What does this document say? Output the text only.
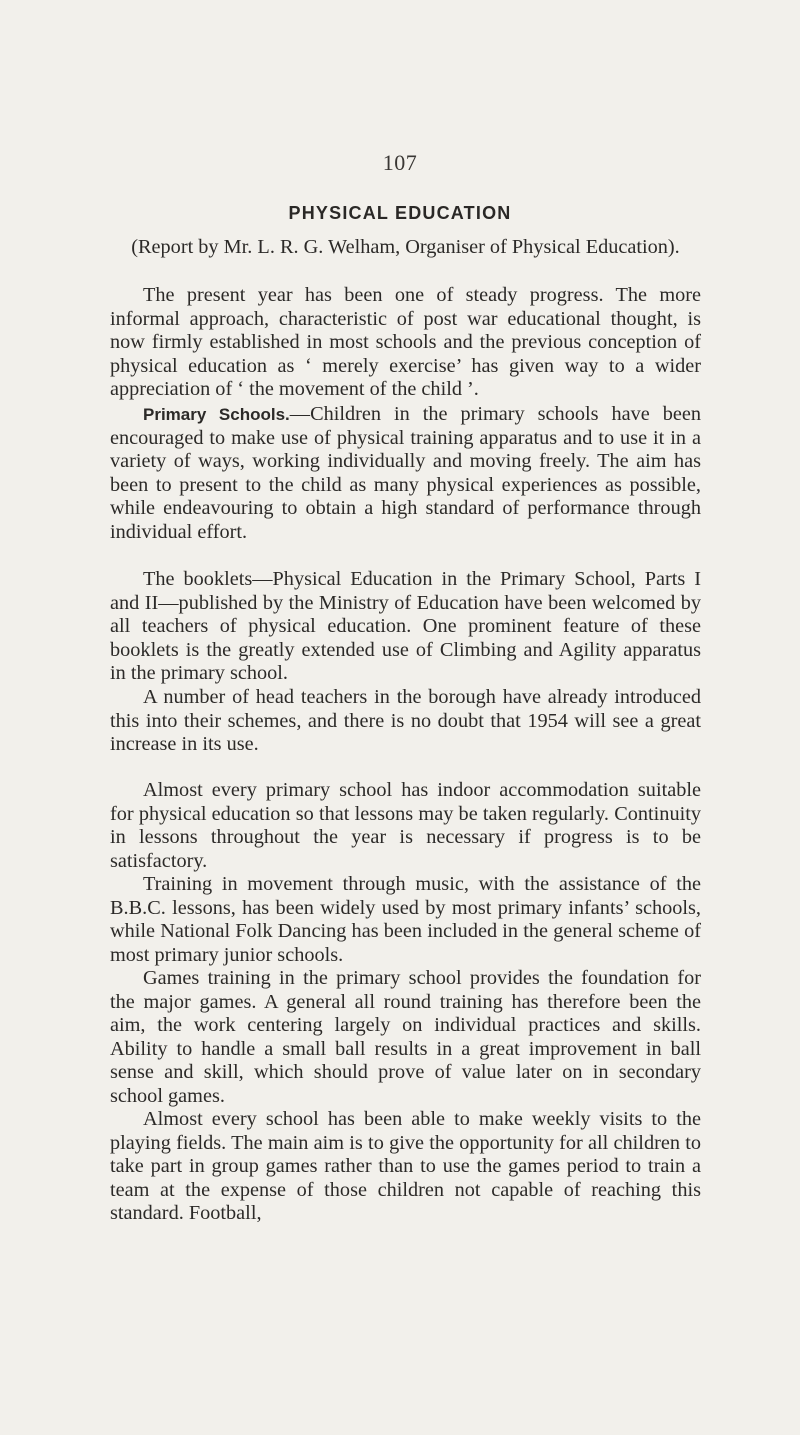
107
PHYSICAL EDUCATION
(Report by Mr. L. R. G. Welham, Organiser of Physical Education).
The present year has been one of steady progress. The more informal approach, characteristic of post war educational thought, is now firmly established in most schools and the previous conception of physical education as ‘ merely exercise’ has given way to a wider appreciation of ‘ the movement of the child ’.
Primary Schools.—Children in the primary schools have been encouraged to make use of physical training apparatus and to use it in a variety of ways, working individually and moving freely. The aim has been to present to the child as many physical experiences as possible, while endeavouring to obtain a high standard of performance through individual effort.
The booklets—Physical Education in the Primary School, Parts I and II—published by the Ministry of Education have been welcomed by all teachers of physical education. One prominent feature of these booklets is the greatly extended use of Climbing and Agility apparatus in the primary school.
A number of head teachers in the borough have already introduced this into their schemes, and there is no doubt that 1954 will see a great increase in its use.
Almost every primary school has indoor accommodation suitable for physical education so that lessons may be taken regularly. Continuity in lessons throughout the year is necessary if progress is to be satisfactory.
Training in movement through music, with the assistance of the B.B.C. lessons, has been widely used by most primary infants’ schools, while National Folk Dancing has been included in the general scheme of most primary junior schools.
Games training in the primary school provides the foundation for the major games. A general all round training has therefore been the aim, the work centering largely on individual practices and skills. Ability to handle a small ball results in a great improvement in ball sense and skill, which should prove of value later on in secondary school games.
Almost every school has been able to make weekly visits to the playing fields. The main aim is to give the opportunity for all children to take part in group games rather than to use the games period to train a team at the expense of those children not capable of reaching this standard. Football,
